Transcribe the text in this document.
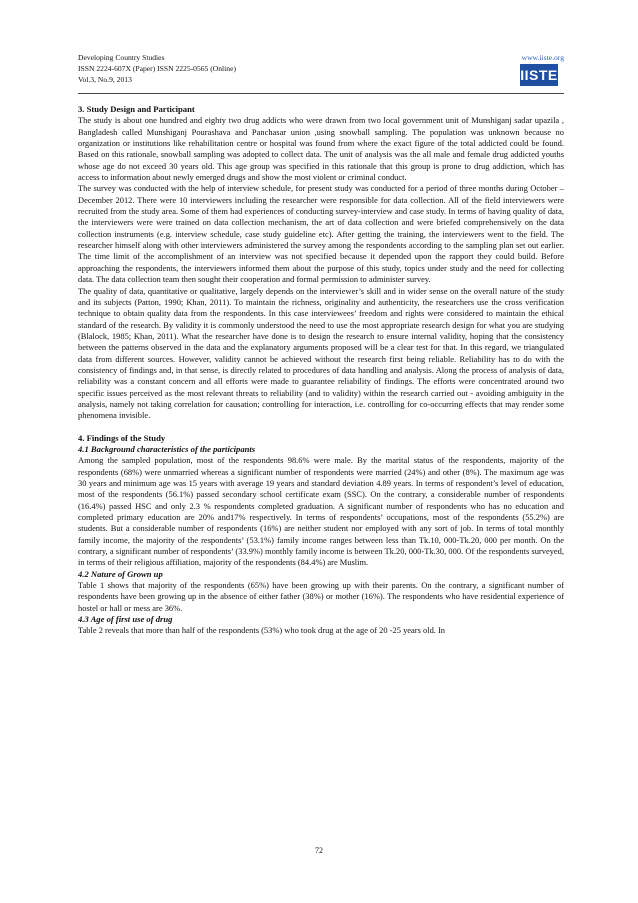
Developing Country Studies
ISSN 2224-607X (Paper) ISSN 2225-0565 (Online)
Vol.3, No.9, 2013
www.iiste.org
IISTE
3. Study Design and Participant

The study is about one hundred and eighty two drug addicts who were drawn from two local government unit of Munshiganj sadar upazila , Bangladesh called Munshiganj Pourashava and Panchasar union ,using snowball sampling. The population was unknown because no organization or institutions like rehabilitation centre or hospital was found from where the exact figure of the total addicted could be found. Based on this rationale, snowball sampling was adopted to collect data. The unit of analysis was the all male and female drug addicted youths whose age do not exceed 30 years old. This age group was specified in this rationale that this group is prone to drug addiction, which has access to information about newly emerged drugs and show the most violent or criminal conduct.

The survey was conducted with the help of interview schedule, for present study was conducted for a period of three months during October –December 2012. There were 10 interviewers including the researcher were responsible for data collection. All of the field interviewers were recruited from the study area. Some of them had experiences of conducting survey-interview and case study. In terms of having quality of data, the interviewers were were trained on data collection mechanism, the art of data collection and were briefed comprehensively on the data collection instruments (e.g. interview schedule, case study guideline etc). After getting the training, the interviewers went to the field. The researcher himself along with other interviewers administered the survey among the respondents according to the sampling plan set out earlier. The time limit of the accomplishment of an interview was not specified because it depended upon the rapport they could build. Before approaching the respondents, the interviewers informed them about the purpose of this study, topics under study and the need for collecting data. The data collection team then sought their cooperation and formal permission to administer survey.

The quality of data, quantitative or qualitative, largely depends on the interviewer’s skill and in wider sense on the overall nature of the study and its subjects (Patton, 1990; Khan, 2011). To maintain the richness, originality and authenticity, the researchers use the cross verification technique to obtain quality data from the respondents. In this case interviewees’ freedom and rights were considered to maintain the ethical standard of the research. By validity it is commonly understood the need to use the most appropriate research design for what you are studying (Blalock, 1985; Khan, 2011). What the researcher have done is to design the research to ensure internal validity, hoping that the consistency between the patterns observed in the data and the explanatory arguments proposed will be a clear test for that. In this regard, we triangulated data from different sources. However, validity cannot be achieved without the research first being reliable. Reliability has to do with the consistency of findings and, in that sense, is directly related to procedures of data handling and analysis. Along the process of analysis of data, reliability was a constant concern and all efforts were made to guarantee reliability of findings. The efforts were concentrated around two specific issues perceived as the most relevant threats to reliability (and to validity) within the research carried out - avoiding ambiguity in the analysis, namely not taking correlation for causation; controlling for interaction, i.e. controlling for co-occurring effects that may render some phenomena invisible.

4. Findings of the Study
4.1 Background characteristics of the participants

Among the sampled population, most of the respondents 98.6% were male. By the marital status of the respondents, majority of the respondents (68%) were unmarried whereas a significant number of respondents were married (24%) and other (8%). The maximum age was 30 years and minimum age was 15 years with average 19 years and standard deviation 4.89 years. In terms of respondent’s level of education, most of the respondents (56.1%) passed secondary school certificate exam (SSC). On the contrary, a considerable number of respondents (16.4%) passed HSC and only 2.3 % respondents completed graduation. A significant number of respondents who has no education and completed primary education are 20% and17% respectively. In terms of respondents’ occupations, most of the respondents (55.2%) are students. But a considerable number of respondents (16%) are neither student nor employed with any sort of job. In terms of total monthly family income, the majority of the respondents’ (53.1%) family income ranges between less than Tk.10, 000-Tk.20, 000 per month. On the contrary, a significant number of respondents’ (33.9%) monthly family income is between Tk.20, 000-Tk.30, 000. Of the respondents surveyed, in terms of their religious affiliation, majority of the respondents (84.4%) are Muslim.

4.2 Nature of Grown up

Table 1 shows that majority of the respondents (65%) have been growing up with their parents. On the contrary, a significant number of respondents have been growing up in the absence of either father (38%) or mother (16%). The respondents who have residential experience of hostel or hall or mess are 36%.

4.3 Age of first use of drug

Table 2 reveals that more than half of the respondents (53%) who took drug at the age of 20 -25 years old. In

72
